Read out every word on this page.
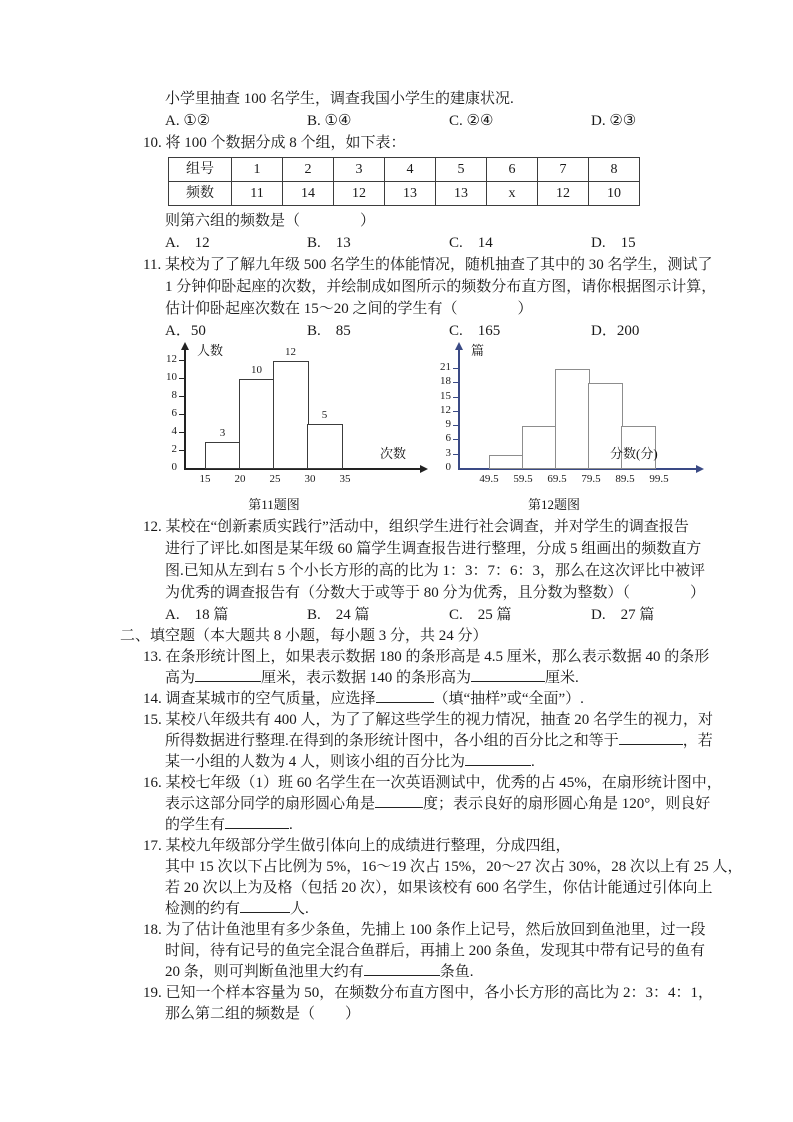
小学里抽查 100 名学生，调查我国小学生的建康状况.

A. ①②	B. ①④	C. ②④	D. ②③

10. 将 100 个数据分成 8 个组，如下表：

组号	1	2	3	4	5	6	7	8
频数	11	14	12	13	13	x	12	10

则第六组的频数是（　　　　）

A.　12	B.　13	C.　14	D.　15

11. 某校为了了解九年级 500 名学生的体能情况，随机抽查了其中的 30 名学生，测试了

1 分钟仰卧起座的次数，并绘制成如图所示的频数分布直方图，请你根据图示计算，

估计仰卧起座次数在 15～20 之间的学生有（　　　　）

A．50	B.　85	C.　165	D．200
0
2
4
6
8
10
12
3
10
12
5
15	20	25	30	35
人数
次数
第11题图
0
3
6
9
12
15
18
21
49.5	59.5	69.5	79.5	89.5	99.5
篇
分数(分)
第12题图

12. 某校在“创新素质实践行”活动中，组织学生进行社会调查，并对学生的调查报告

进行了评比.如图是某年级 60 篇学生调查报告进行整理，分成 5 组画出的频数直方

图.已知从左到右 5 个小长方形的高的比为 1：3：7：6：3，那么在这次评比中被评

为优秀的调查报告有（分数大于或等于 80 分为优秀，且分数为整数）（　　　　）

A.　18 篇	B.　24 篇	C.　25 篇	D.　27 篇

二、填空题（本大题共 8 小题，每小题 3 分，共 24 分）

13. 在条形统计图上，如果表示数据 180 的条形高是 4.5 厘米，那么表示数据 40 的条形

高为	厘米，表示数据 140 的条形高为	厘米.

14. 调查某城市的空气质量，应选择	（填“抽样”或“全面”）.

15. 某校八年级共有 400 人，为了了解这些学生的视力情况，抽查 20 名学生的视力，对

所得数据进行整理.在得到的条形统计图中，各小组的百分比之和等于	，若

某一小组的人数为 4 人，则该小组的百分比为	.

16. 某校七年级（1）班 60 名学生在一次英语测试中，优秀的占 45%，在扇形统计图中，

表示这部分同学的扇形圆心角是	度；表示良好的扇形圆心角是 120°，则良好

的学生有	.

17. 某校九年级部分学生做引体向上的成绩进行整理，分成四组，

其中 15 次以下占比例为 5%，16～19 次占 15%，20～27 次占 30%，28 次以上有 25 人，

若 20 次以上为及格（包括 20 次），如果该校有 600 名学生，你估计能通过引体向上

检测的约有	人.

18. 为了估计鱼池里有多少条鱼，先捕上 100 条作上记号，然后放回到鱼池里，过一段

时间，待有记号的鱼完全混合鱼群后，再捕上 200 条鱼，发现其中带有记号的鱼有

20 条，则可判断鱼池里大约有	条鱼.

19. 已知一个样本容量为 50，在频数分布直方图中，各小长方形的高比为 2：3：4：1，

那么第二组的频数是（　　）
